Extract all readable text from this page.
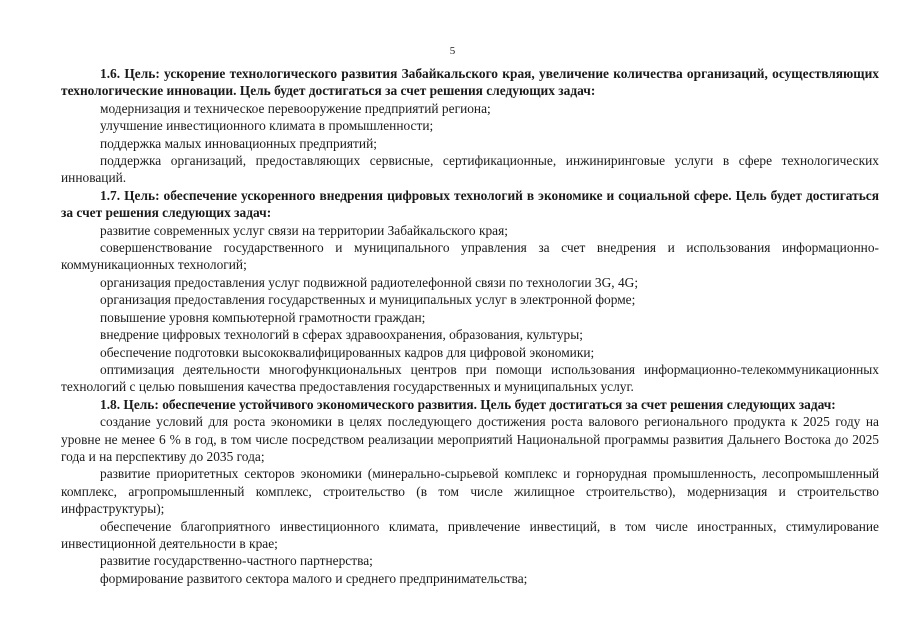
5

1.6. Цель: ускорение технологического развития Забайкальского края, увеличение количества организаций, осуществляющих технологические инновации. Цель будет достигаться за счет решения следующих задач:

модернизация и техническое перевооружение предприятий региона;

улучшение инвестиционного климата в промышленности;

поддержка малых инновационных предприятий;

поддержка организаций, предоставляющих сервисные, сертификационные, инжиниринговые услуги в сфере технологических инноваций.

1.7. Цель: обеспечение ускоренного внедрения цифровых технологий в экономике и социальной сфере. Цель будет достигаться за счет решения следующих задач:

развитие современных услуг связи на территории Забайкальского края;

совершенствование государственного и муниципального управления за счет внедрения и использования информационно-коммуникационных технологий;

организация предоставления услуг подвижной радиотелефонной связи по технологии 3G, 4G;

организация предоставления государственных и муниципальных услуг в электронной форме;

повышение уровня компьютерной грамотности граждан;

внедрение цифровых технологий в сферах здравоохранения, образования, культуры;

обеспечение подготовки высококвалифицированных кадров для цифровой экономики;

оптимизация деятельности многофункциональных центров при помощи использования информационно-телекоммуникационных технологий с целью повышения качества предоставления государственных и муниципальных услуг.

1.8. Цель: обеспечение устойчивого экономического развития. Цель будет достигаться за счет решения следующих задач:

создание условий для роста экономики в целях последующего достижения роста валового регионального продукта к 2025 году на уровне не менее 6 % в год, в том числе посредством реализации мероприятий Национальной программы развития Дальнего Востока до 2025 года и на перспективу до 2035 года;

развитие приоритетных секторов экономики (минерально-сырьевой комплекс и горнорудная промышленность, лесопромышленный комплекс, агропромышленный комплекс, строительство (в том числе жилищное строительство), модернизация и строительство инфраструктуры);

обеспечение благоприятного инвестиционного климата, привлечение инвестиций, в том числе иностранных, стимулирование инвестиционной деятельности в крае;

развитие государственно-частного партнерства;

формирование развитого сектора малого и среднего предпринимательства;
